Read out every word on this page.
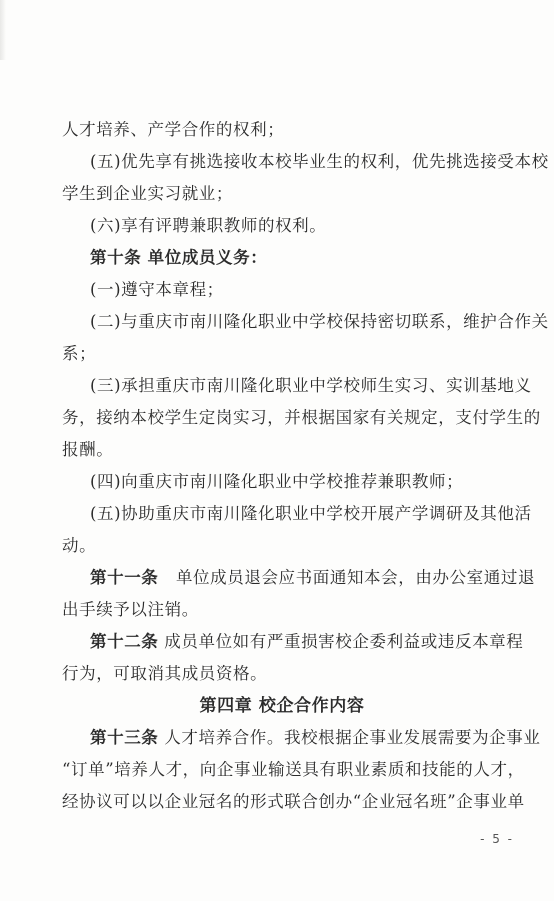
人才培养、产学合作的权利；
(五)优先享有挑选接收本校毕业生的权利，优先挑选接受本校
学生到企业实习就业；
(六)享有评聘兼职教师的权利。
第十条 单位成员义务：
(一)遵守本章程；
(二)与重庆市南川隆化职业中学校保持密切联系，维护合作关
系；
(三)承担重庆市南川隆化职业中学校师生实习、实训基地义
务，接纳本校学生定岗实习，并根据国家有关规定，支付学生的
报酬。
(四)向重庆市南川隆化职业中学校推荐兼职教师；
(五)协助重庆市南川隆化职业中学校开展产学调研及其他活
动。
第十一条 单位成员退会应书面通知本会，由办公室通过退
出手续予以注销。
第十二条 成员单位如有严重损害校企委利益或违反本章程
行为，可取消其成员资格。
第四章 校企合作内容
第十三条 人才培养合作。我校根据企事业发展需要为企事业
“订单”培养人才，向企事业输送具有职业素质和技能的人才，
经协议可以以企业冠名的形式联合创办“企业冠名班”企事业单
- 5 -
